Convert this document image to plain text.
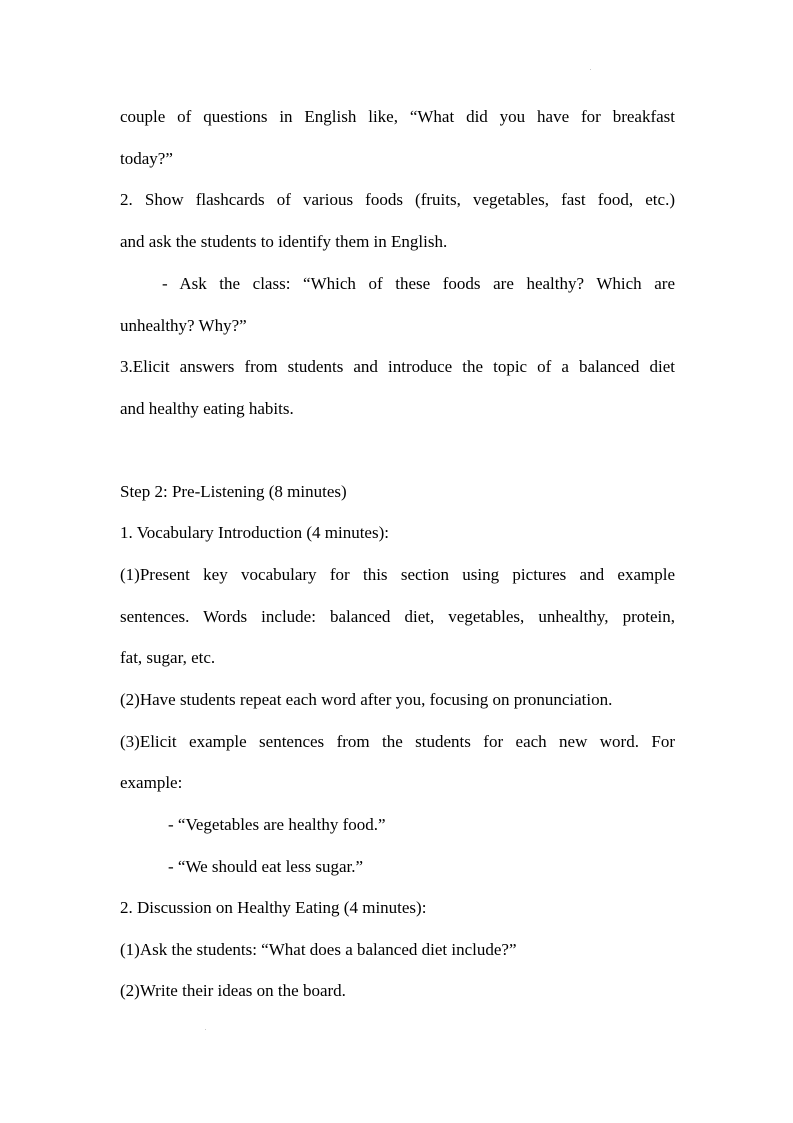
couple of questions in English like, “What did you have for breakfast

today?”

2. Show flashcards of various foods (fruits, vegetables, fast food, etc.)

and ask the students to identify them in English.

- Ask the class: “Which of these foods are healthy? Which are

unhealthy? Why?”

3.Elicit answers from students and introduce the topic of a balanced diet

and healthy eating habits.

Step 2: Pre-Listening (8 minutes)

1. Vocabulary Introduction (4 minutes):

(1)Present key vocabulary for this section using pictures and example

sentences. Words include: balanced diet, vegetables, unhealthy, protein,

fat, sugar, etc.

(2)Have students repeat each word after you, focusing on pronunciation.

(3)Elicit example sentences from the students for each new word. For

example:

- “Vegetables are healthy food.”

- “We should eat less sugar.”

2. Discussion on Healthy Eating (4 minutes):

(1)Ask the students: “What does a balanced diet include?”

(2)Write their ideas on the board.
